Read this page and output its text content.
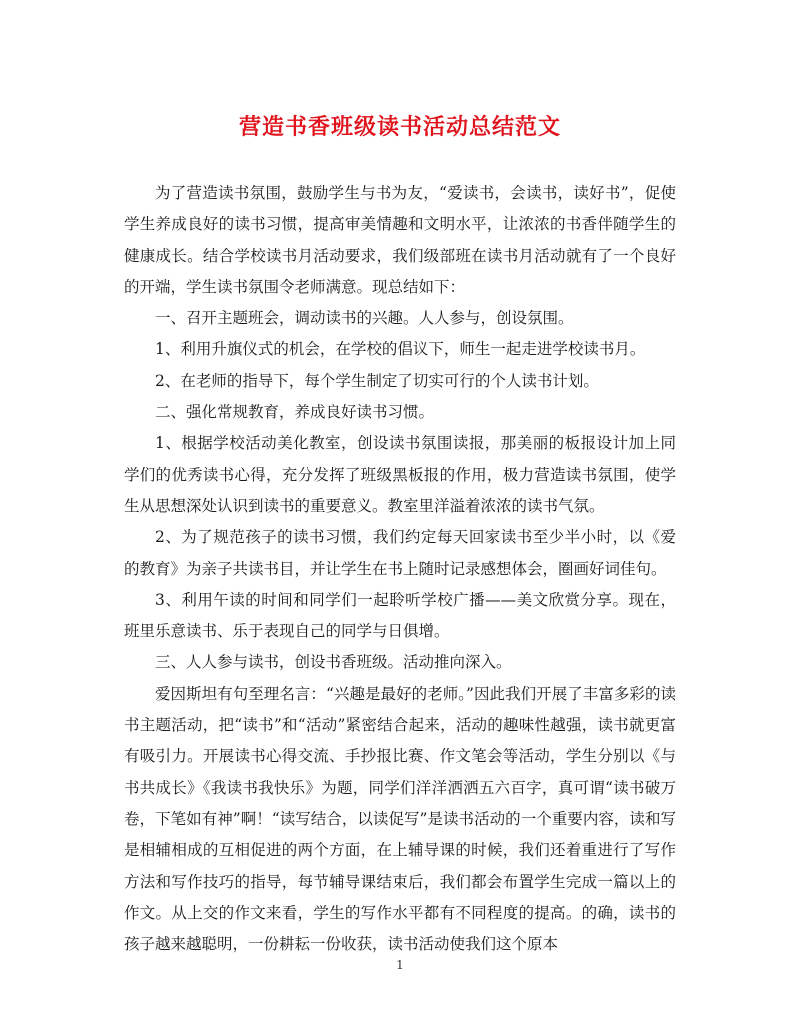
营造书香班级读书活动总结范文

为了营造读书氛围，鼓励学生与书为友，“爱读书，会读书，读好书”，促使学生养成良好的读书习惯，提高审美情趣和文明水平，让浓浓的书香伴随学生的健康成长。结合学校读书月活动要求，我们级部班在读书月活动就有了一个良好的开端，学生读书氛围令老师满意。现总结如下：

一、召开主题班会，调动读书的兴趣。人人参与，创设氛围。

1、利用升旗仪式的机会，在学校的倡议下，师生一起走进学校读书月。

2、在老师的指导下，每个学生制定了切实可行的个人读书计划。

二、强化常规教育，养成良好读书习惯。

1、根据学校活动美化教室，创设读书氛围读报，那美丽的板报设计加上同学们的优秀读书心得，充分发挥了班级黑板报的作用，极力营造读书氛围，使学生从思想深处认识到读书的重要意义。教室里洋溢着浓浓的读书气氛。

2、为了规范孩子的读书习惯，我们约定每天回家读书至少半小时，以《爱的教育》为亲子共读书目，并让学生在书上随时记录感想体会，圈画好词佳句。

3、利用午读的时间和同学们一起聆听学校广播——美文欣赏分享。现在，班里乐意读书、乐于表现自己的同学与日俱增。

三、人人参与读书，创设书香班级。活动推向深入。

爱因斯坦有句至理名言：“兴趣是最好的老师。”因此我们开展了丰富多彩的读书主题活动，把“读书”和“活动”紧密结合起来，活动的趣味性越强，读书就更富有吸引力。开展读书心得交流、手抄报比赛、作文笔会等活动，学生分别以《与书共成长》《我读书我快乐》为题，同学们洋洋洒洒五六百字，真可谓“读书破万卷，下笔如有神”啊！“读写结合，以读促写”是读书活动的一个重要内容，读和写是相辅相成的互相促进的两个方面，在上辅导课的时候，我们还着重进行了写作方法和写作技巧的指导，每节辅导课结束后，我们都会布置学生完成一篇以上的作文。从上交的作文来看，学生的写作水平都有不同程度的提高。的确，读书的孩子越来越聪明，一份耕耘一份收获，读书活动使我们这个原本

1
